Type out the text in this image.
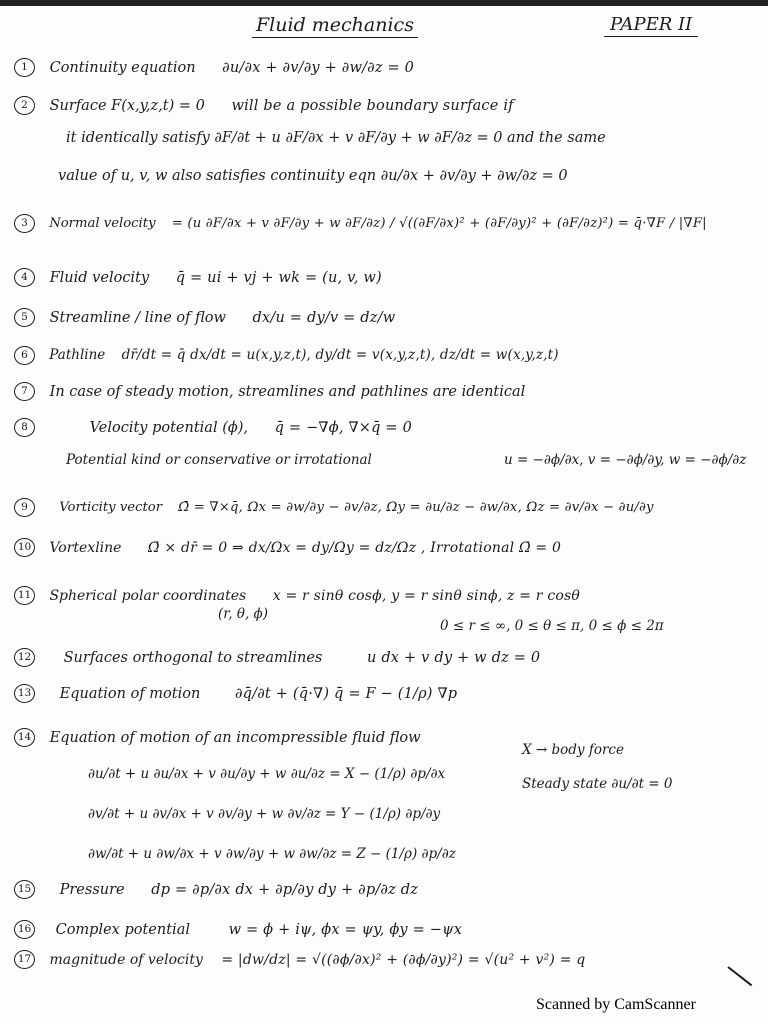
Fluid mechanics	PAPER II
1 Continuity equation ∂u/∂x + ∂v/∂y + ∂w/∂z = 0
2 Surface F(x,y,z,t) = 0 will be a possible boundary surface if
it identically satisfy ∂F/∂t + u ∂F/∂x + v ∂F/∂y + w ∂F/∂z = 0 and the same
value of u, v, w also satisfies continuity eqn ∂u/∂x + ∂v/∂y + ∂w/∂z = 0
3 Normal velocity = (u ∂F/∂x + v ∂F/∂y + w ∂F/∂z) / √((∂F/∂x)² + (∂F/∂y)² + (∂F/∂z)²) = q̄·∇F / |∇F|
4 Fluid velocity q̄ = ui + vj + wk = (u, v, w)
5 Streamline / line of flow dx/u = dy/v = dz/w
6 Pathline dr̄/dt = q̄ dx/dt = u(x,y,z,t), dy/dt = v(x,y,z,t), dz/dt = w(x,y,z,t)
7 In case of steady motion, streamlines and pathlines are identical
8	Velocity potential (ϕ), q̄ = −∇ϕ, ∇×q̄ = 0
Potential kind or conservative or irrotational	u = −∂ϕ/∂x, v = −∂ϕ/∂y, w = −∂ϕ/∂z
9 Vorticity vector Ω̄ = ∇×q̄, Ωx = ∂w/∂y − ∂v/∂z, Ωy = ∂u/∂z − ∂w/∂x, Ωz = ∂v/∂x − ∂u/∂y
10 Vortexline Ω̄ × dr̄ = 0 ⇒ dx/Ωx = dy/Ωy = dz/Ωz , Irrotational Ω̄ = 0
11 Spherical polar coordinates x = r sinθ cosϕ, y = r sinθ sinϕ, z = r cosθ
(r, θ, ϕ)
0 ≤ r ≤ ∞, 0 ≤ θ ≤ π, 0 ≤ ϕ ≤ 2π
12 Surfaces orthogonal to streamlines	u dx + v dy + w dz = 0
13 Equation of motion ∂q̄/∂t + (q̄·∇) q̄ = F − (1/ρ) ∇p
14 Equation of motion of an incompressible fluid flow
∂u/∂t + u ∂u/∂x + v ∂u/∂y + w ∂u/∂z = X − (1/ρ) ∂p/∂x
∂v/∂t + u ∂v/∂x + v ∂v/∂y + w ∂v/∂z = Y − (1/ρ) ∂p/∂y
∂w/∂t + u ∂w/∂x + v ∂w/∂y + w ∂w/∂z = Z − (1/ρ) ∂p/∂z
X → body force
Steady state ∂u/∂t = 0
15 Pressure dp = ∂p/∂x dx + ∂p/∂y dy + ∂p/∂z dz
16 Complex potential	w = ϕ + iψ, ϕx = ψy, ϕy = −ψx
17 magnitude of velocity = |dw/dz| = √((∂ϕ/∂x)² + (∂ϕ/∂y)²) = √(u² + v²) = q
Scanned by CamScanner
